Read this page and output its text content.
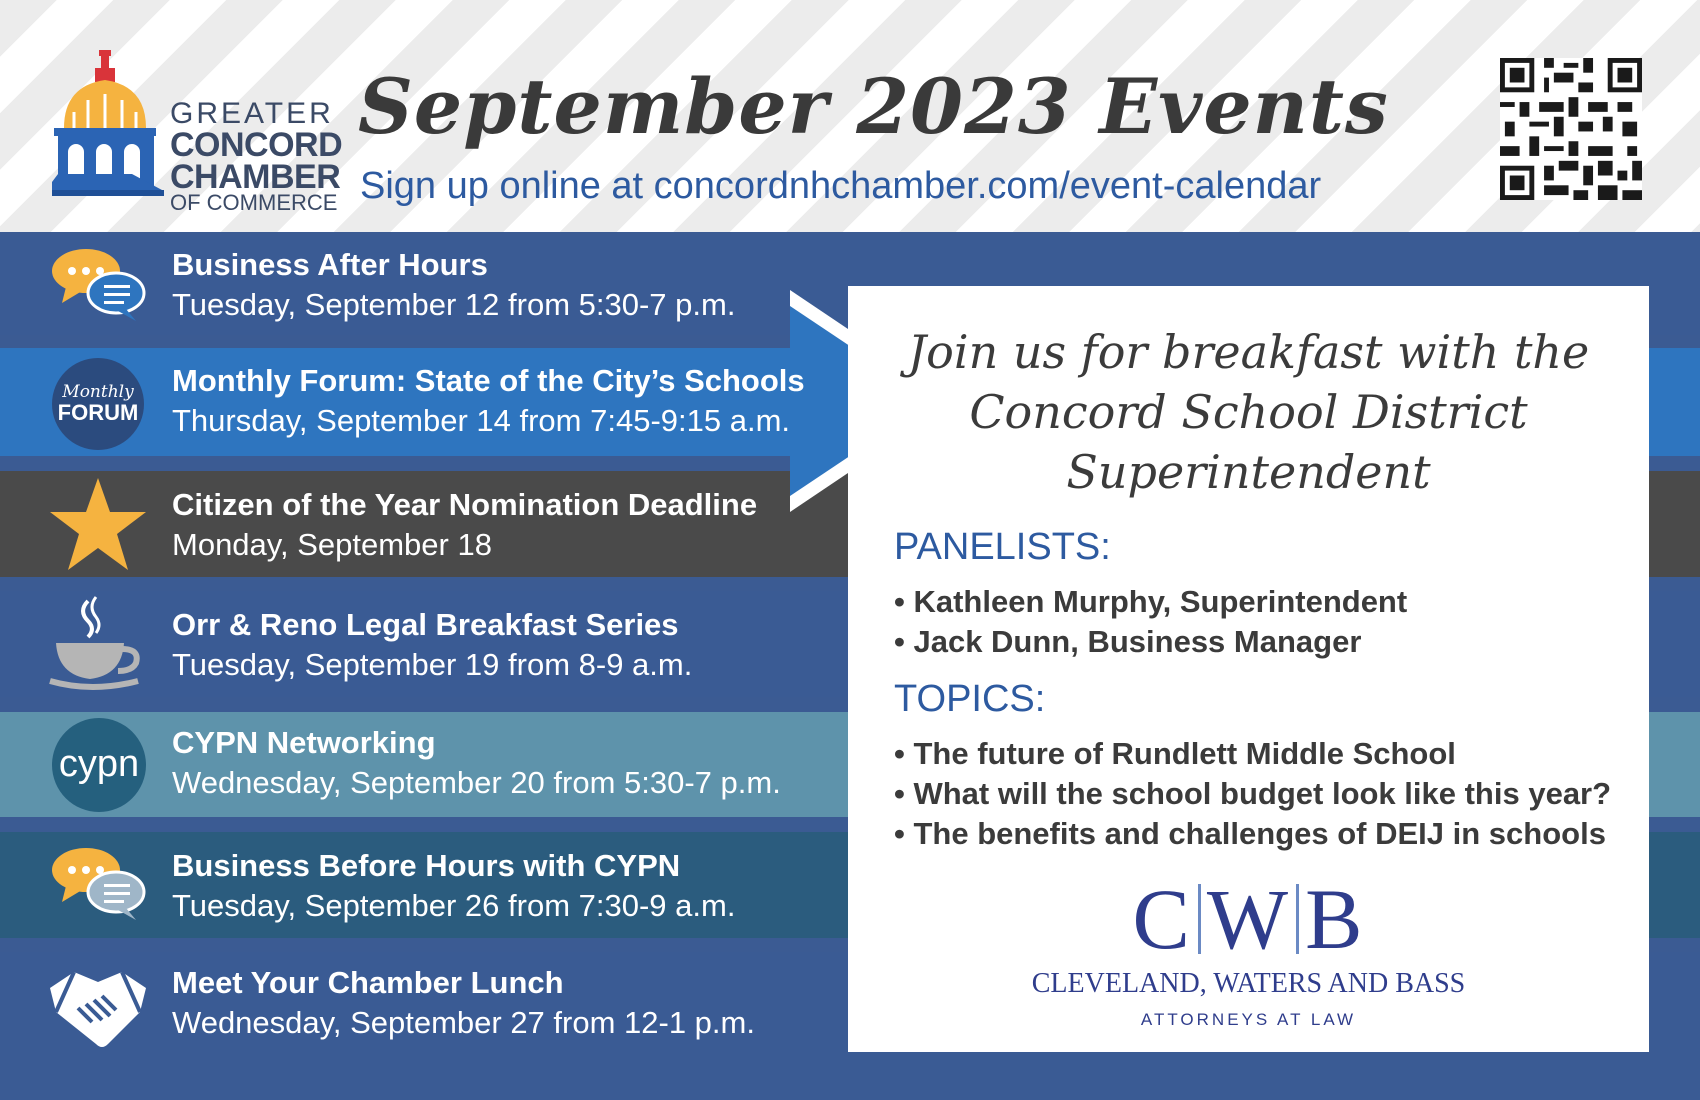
GREATER
CONCORD
CHAMBER
OF COMMERCE
September 2023 Events
Sign up online at concordnhchamber.com/event-calendar
Business After Hours
Tuesday, September 12 from 5:30-7 p.m.
Monthly
FORUM
Monthly Forum: State of the City’s Schools
Thursday, September 14 from 7:45-9:15 a.m.
Citizen of the Year Nomination Deadline
Monday, September 18
Orr & Reno Legal Breakfast Series
Tuesday, September 19 from 8-9 a.m.
cypn
CYPN Networking
Wednesday, September 20 from 5:30-7 p.m.
Business Before Hours with CYPN
Tuesday, September 26 from 7:30-9 a.m.
Meet Your Chamber Lunch
Wednesday, September 27 from 12-1 p.m.
Join us for breakfast with the
Concord School District
Superintendent
PANELISTS:
• Kathleen Murphy, Superintendent
• Jack Dunn, Business Manager
TOPICS:
• The future of Rundlett Middle School
• What will the school budget look like this year?
• The benefits and challenges of DEIJ in schools
C W B
CLEVELAND, WATERS AND BASS
ATTORNEYS AT LAW
